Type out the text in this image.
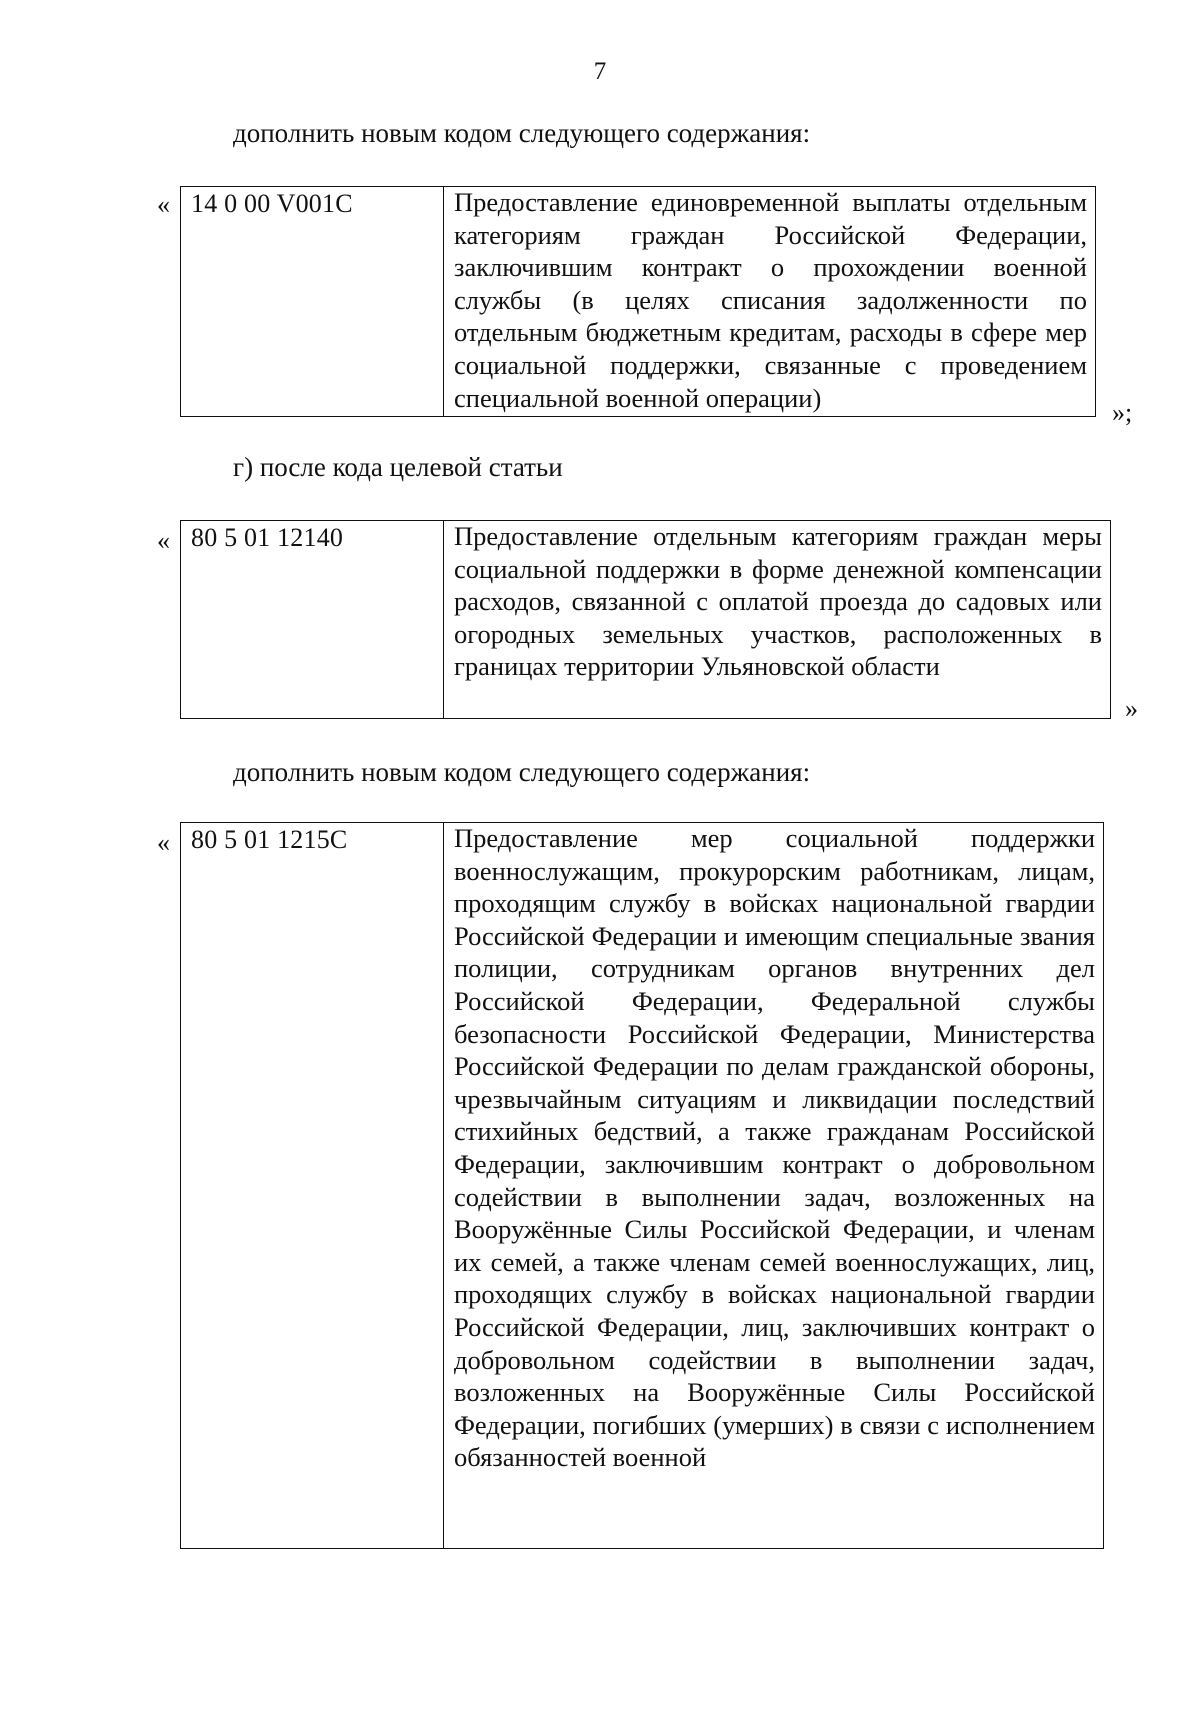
7
дополнить новым кодом следующего содержания:
« 14 0 00 V001C	Предоставление единовременной выплаты отдельным категориям граждан Российской Федерации, заключившим контракт о прохождении военной службы (в целях списания задолженности по отдельным бюджетным кредитам, расходы в сфере мер социальной поддержки, связанные с проведением специальной военной операции)	»;
г) после кода целевой статьи
« 80 5 01 12140	Предоставление отдельным категориям граждан меры социальной поддержки в форме денежной компенсации расходов, связанной с оплатой проезда до садовых или огородных земельных участков, расположенных в границах территории Ульяновской области
»
дополнить новым кодом следующего содержания:
« 80 5 01 1215C	Предоставление мер социальной поддержки военнослужащим, прокурорским работникам, лицам, проходящим службу в войсках национальной гвардии Российской Федерации и имеющим специальные звания полиции, сотрудникам органов внутренних дел Российской Федерации, Федеральной службы безопасности Российской Федерации, Министерства Российской Федерации по делам гражданской обороны, чрезвычайным ситуациям и ликвидации последствий стихийных бедствий, а также гражданам Российской Федерации, заключившим контракт о добровольном содействии в выполнении задач, возложенных на Вооружённые Силы Российской Федерации, и членам их семей, а также членам семей военнослужащих, лиц, проходящих службу в войсках национальной гвардии Российской Федерации, лиц, заключивших контракт о добровольном содействии в выполнении задач, возложенных на Вооружённые Силы Российской Федерации, погибших (умерших) в связи с исполнением обязанностей военной
